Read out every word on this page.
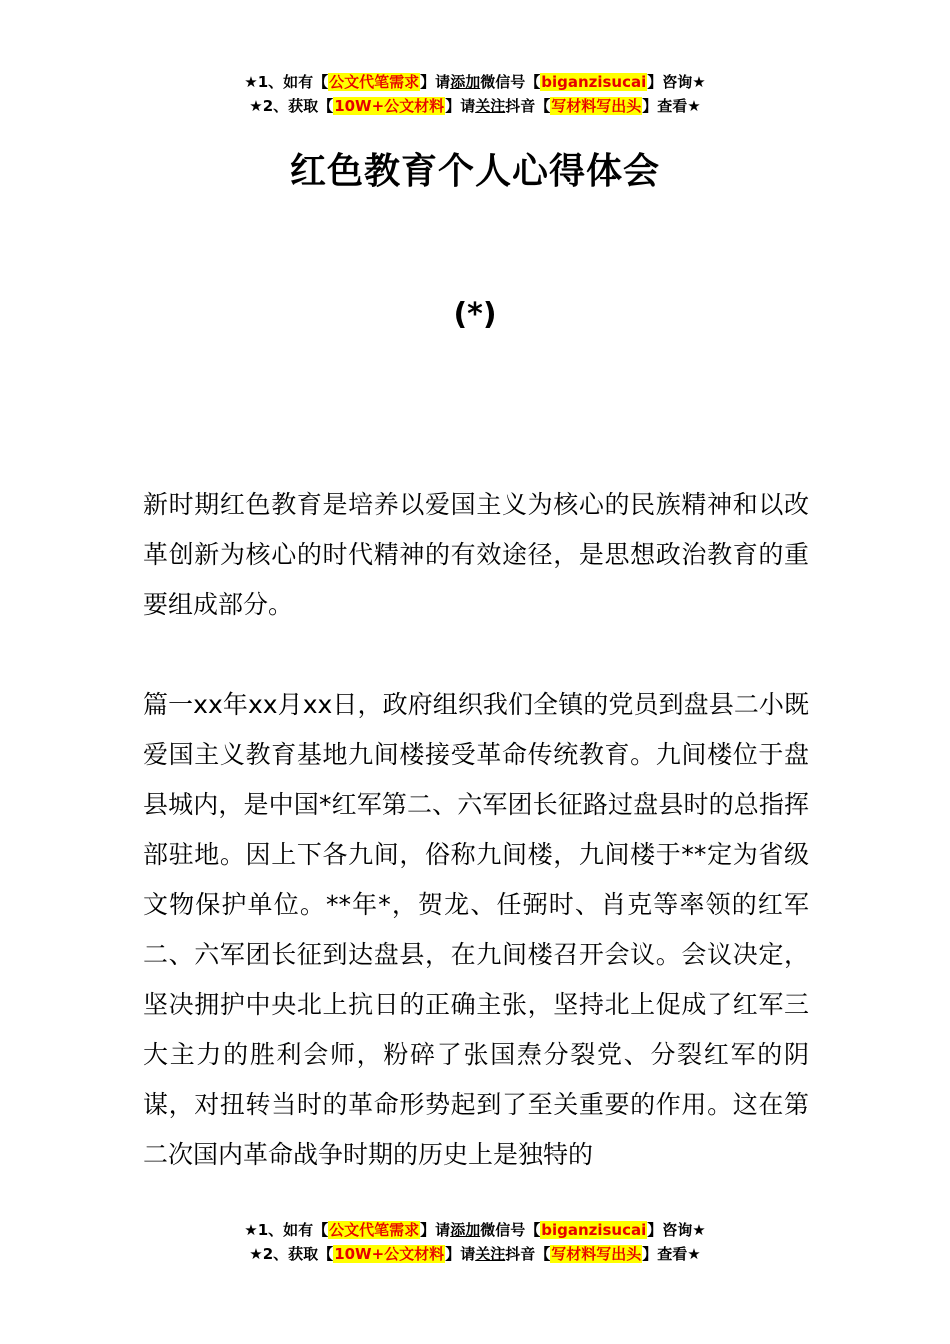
★1、如有【公文代笔需求】请添加微信号【biganzisucai】咨询★
★2、获取【10W+公文材料】请关注抖音【写材料写出头】查看★
红色教育个人心得体会
(*)

新时期红色教育是培养以爱国主义为核心的民族精神和以改革创新为核心的时代精神的有效途径，是思想政治教育的重要组成部分。

篇一xx年xx月xx日，政府组织我们全镇的党员到盘县二小既爱国主义教育基地九间楼接受革命传统教育。九间楼位于盘县城内，是中国*红军第二、六军团长征路过盘县时的总指挥部驻地。因上下各九间，俗称九间楼，九间楼于**定为省级文物保护单位。**年*，贺龙、任弼时、肖克等率领的红军二、六军团长征到达盘县，在九间楼召开会议。会议决定，坚决拥护中央北上抗日的正确主张，坚持北上促成了红军三大主力的胜利会师，粉碎了张国焘分裂党、分裂红军的阴谋，对扭转当时的革命形势起到了至关重要的作用。这在第二次国内革命战争时期的历史上是独特的

★1、如有【公文代笔需求】请添加微信号【biganzisucai】咨询★
★2、获取【10W+公文材料】请关注抖音【写材料写出头】查看★
